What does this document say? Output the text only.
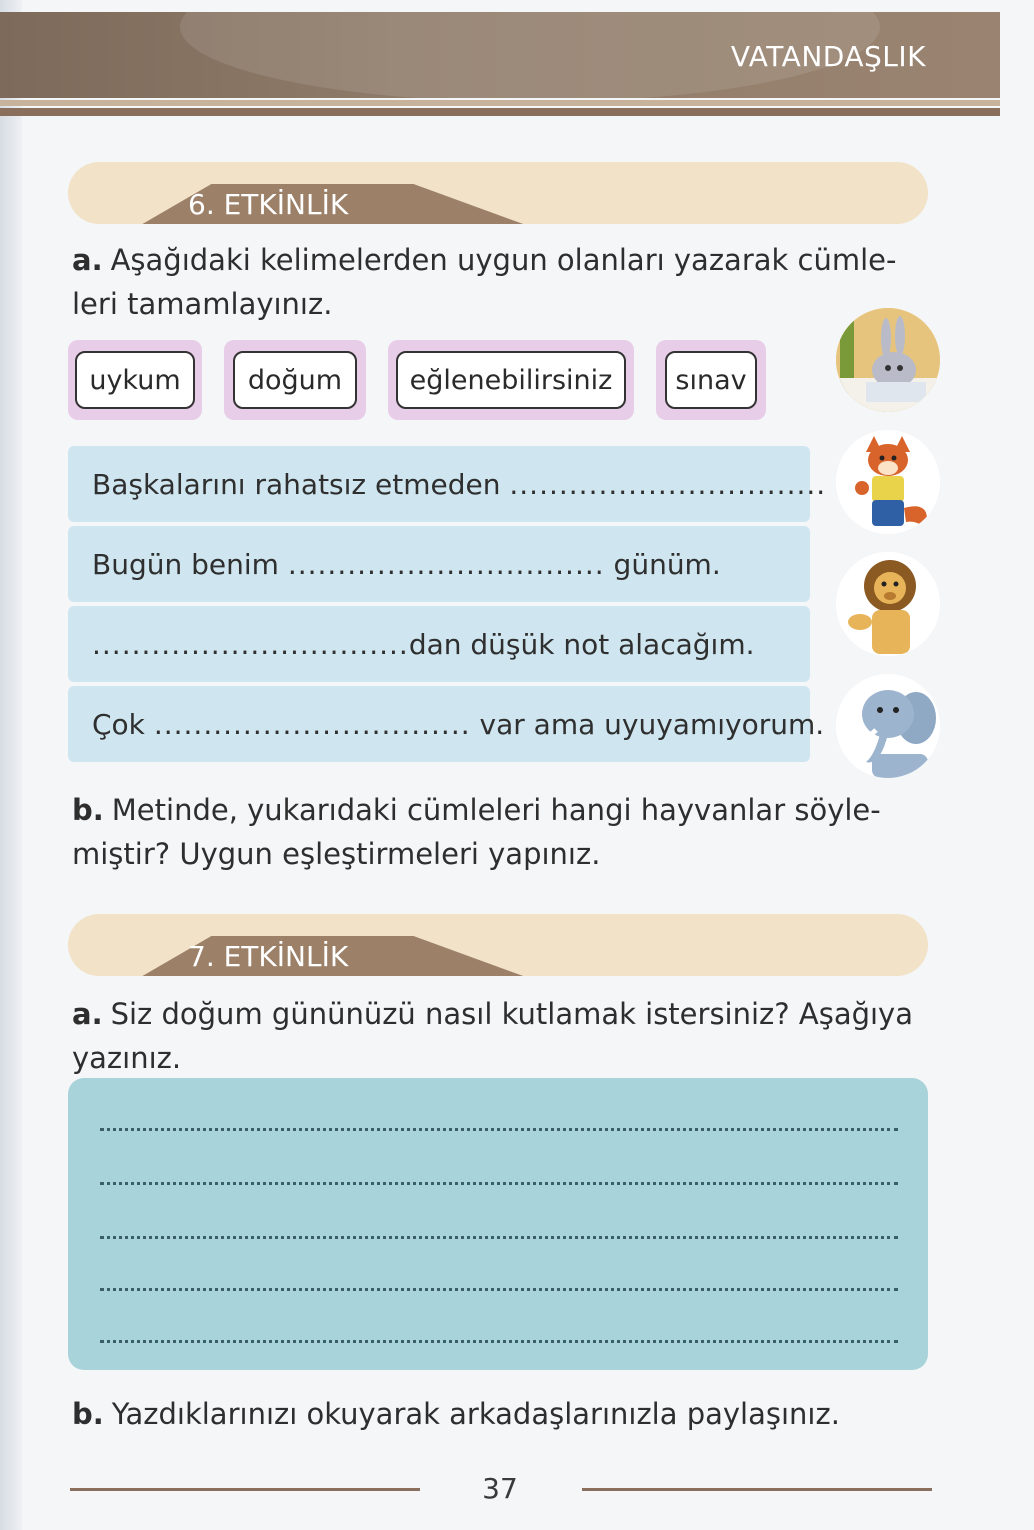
VATANDAŞLIK
6. ETKİNLİK
a. Aşağıdaki kelimelerden uygun olanları yazarak cümle-
leri tamamlayınız.
uykum	doğum	eğlenebilirsiniz	sınav
Başkalarını rahatsız etmeden ................................
Bugün benim ................................ günüm.
................................dan düşük not alacağım.
Çok ................................ var ama uyuyamıyorum.
b. Metinde, yukarıdaki cümleleri hangi hayvanlar söyle-
miştir? Uygun eşleştirmeleri yapınız.
7. ETKİNLİK
a. Siz doğum gününüzü nasıl kutlamak istersiniz? Aşağıya
yazınız.
b. Yazdıklarınızı okuyarak arkadaşlarınızla paylaşınız.
37
